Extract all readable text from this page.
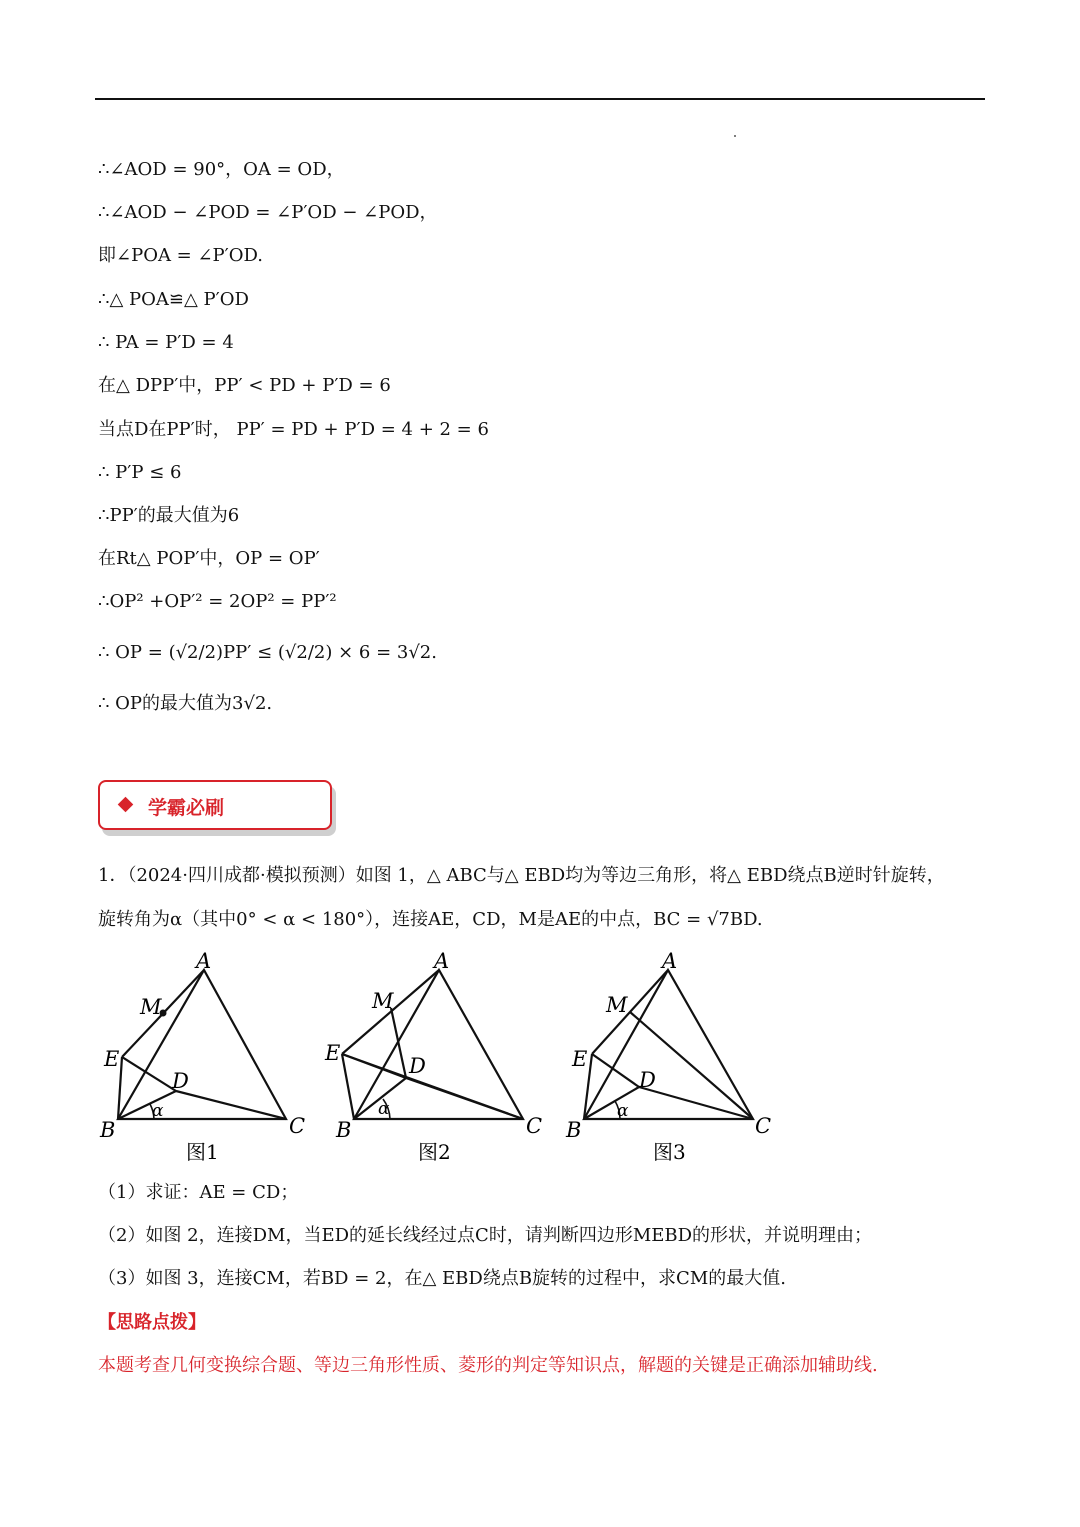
∴∠AOD = 90°，OA = OD，
∴∠AOD − ∠POD = ∠P′OD − ∠POD，
即∠POA = ∠P′OD.
∴△ POA≌△ P′OD
∴ PA = P′D = 4
在△ DPP′中，PP′ < PD + P′D = 6
当点D在PP′时， PP′ = PD + P′D = 4 + 2 = 6
∴ P′P ≤ 6
∴PP′的最大值为6
在Rt△ POP′中，OP = OP′
∴OP² +OP′² = 2OP² = PP′²
∴ OP = (√2/2)PP′ ≤ (√2/2) × 6 = 3√2.
∴ OP的最大值为3√2.
学霸必刷
1．（2024·四川成都·模拟预测）如图 1，△ ABC与△ EBD均为等边三角形，将△ EBD绕点B逆时针旋转，
旋转角为α（其中0° < α < 180°），连接AE，CD，M是AE的中点，BC = √7BD.
A
M
E
D
B	C
α
图1
A
M
E
D
B	C
α
图2
A
M
E
D
B	C
α
图3
（1）求证：AE = CD；
（2）如图 2，连接DM，当ED的延长线经过点C时，请判断四边形MEBD的形状，并说明理由；
（3）如图 3，连接CM，若BD = 2，在△ EBD绕点B旋转的过程中，求CM的最大值.
【思路点拨】
本题考查几何变换综合题、等边三角形性质、菱形的判定等知识点，解题的关键是正确添加辅助线.
